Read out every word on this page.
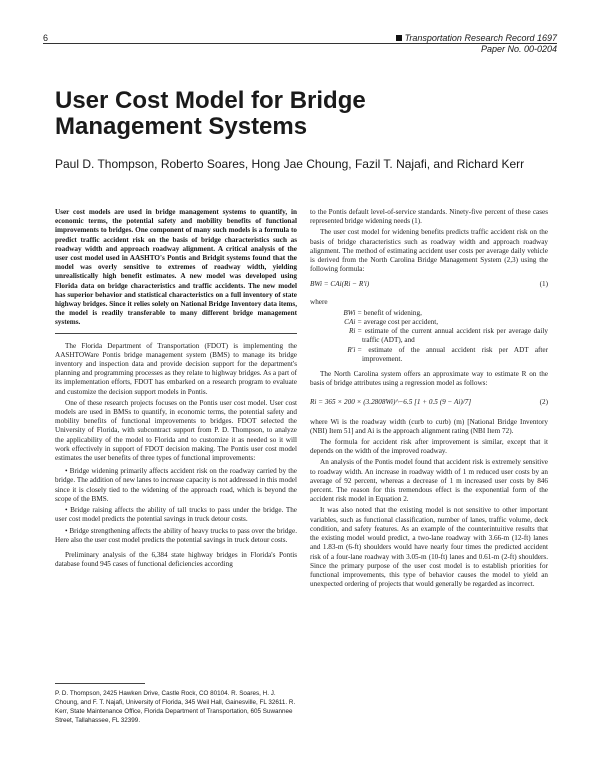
6	Transportation Research Record 1697
Paper No. 00-0204
User Cost Model for Bridge Management Systems

Paul D. Thompson, Roberto Soares, Hong Jae Choung, Fazil T. Najafi, and Richard Kerr

User cost models are used in bridge management systems to quantify, in economic terms, the potential safety and mobility benefits of functional improvements to bridges. One component of many such models is a formula to predict traffic accident risk on the basis of bridge characteristics such as roadway width and approach roadway alignment. A critical analysis of the user cost model used in AASHTO's Pontis and Bridgit systems found that the model was overly sensitive to extremes of roadway width, yielding unrealistically high benefit estimates. A new model was developed using Florida data on bridge characteristics and traffic accidents. The new model has superior behavior and statistical characteristics on a full inventory of state highway bridges. Since it relies solely on National Bridge Inventory data items, the model is readily transferable to many different bridge management systems.

The Florida Department of Transportation (FDOT) is implementing the AASHTOWare Pontis bridge management system (BMS) to manage its bridge inventory and inspection data and provide decision support for the department's planning and programming processes as they relate to highway bridges. As a part of its implementation efforts, FDOT has embarked on a research program to evaluate and customize the decision support models in Pontis.

One of these research projects focuses on the Pontis user cost model. User cost models are used in BMSs to quantify, in economic terms, the potential safety and mobility benefits of functional improvements to bridges. FDOT selected the University of Florida, with subcontract support from P. D. Thompson, to analyze the applicability of the model to Florida and to customize it as needed so it will work effectively in support of FDOT decision making. The Pontis user cost model estimates the user benefits of three types of functional improvements:

• Bridge widening primarily affects accident risk on the roadway carried by the bridge. The addition of new lanes to increase capacity is not addressed in this model since it is closely tied to the widening of the approach road, which is beyond the scope of the BMS.

• Bridge raising affects the ability of tall trucks to pass under the bridge. The user cost model predicts the potential savings in truck detour costs.

• Bridge strengthening affects the ability of heavy trucks to pass over the bridge. Here also the user cost model predicts the potential savings in truck detour costs.

Preliminary analysis of the 6,384 state highway bridges in Florida's Pontis database found 945 cases of functional deficiencies according

P. D. Thompson, 2425 Hawken Drive, Castle Rock, CO 80104. R. Soares, H. J. Choung, and F. T. Najafi, University of Florida, 345 Weil Hall, Gainesville, FL 32611. R. Kerr, State Maintenance Office, Florida Department of Transportation, 605 Suwannee Street, Tallahassee, FL 32399.

to the Pontis default level-of-service standards. Ninety-five percent of these cases represented bridge widening needs (1).

The user cost model for widening benefits predicts traffic accident risk on the basis of bridge characteristics such as roadway width and approach roadway alignment. The method of estimating accident user costs per average daily vehicle is derived from the North Carolina Bridge Management System (2,3) using the following formula:

BWi = CAi(Ri − R′i)	(1)

where

BWi = benefit of widening,
CAi = average cost per accident,
Ri = estimate of the current annual accident risk per average daily traffic (ADT), and
R′i = estimate of the annual accident risk per ADT after improvement.

The North Carolina system offers an approximate way to estimate R on the basis of bridge attributes using a regression model as follows:

Ri = 365 × 200 × (3.2808Wi)^−6.5 [1 + 0.5 (9 − Ai)/7]	(2)

where Wi is the roadway width (curb to curb) (m) [National Bridge Inventory (NBI) Item 51] and Ai is the approach alignment rating (NBI Item 72).

The formula for accident risk after improvement is similar, except that it depends on the width of the improved roadway.

An analysis of the Pontis model found that accident risk is extremely sensitive to roadway width. An increase in roadway width of 1 m reduced user costs by an average of 92 percent, whereas a decrease of 1 m increased user costs by 846 percent. The reason for this tremendous effect is the exponential form of the accident risk model in Equation 2.

It was also noted that the existing model is not sensitive to other important variables, such as functional classification, number of lanes, traffic volume, deck condition, and safety features. As an example of the counterintuitive results that the existing model would predict, a two-lane roadway with 3.66-m (12-ft) lanes and 1.83-m (6-ft) shoulders would have nearly four times the predicted accident risk of a four-lane roadway with 3.05-m (10-ft) lanes and 0.61-m (2-ft) shoulders. Since the primary purpose of the user cost model is to establish priorities for functional improvements, this type of behavior causes the model to yield an unexpected ordering of projects that would generally be regarded as incorrect.
